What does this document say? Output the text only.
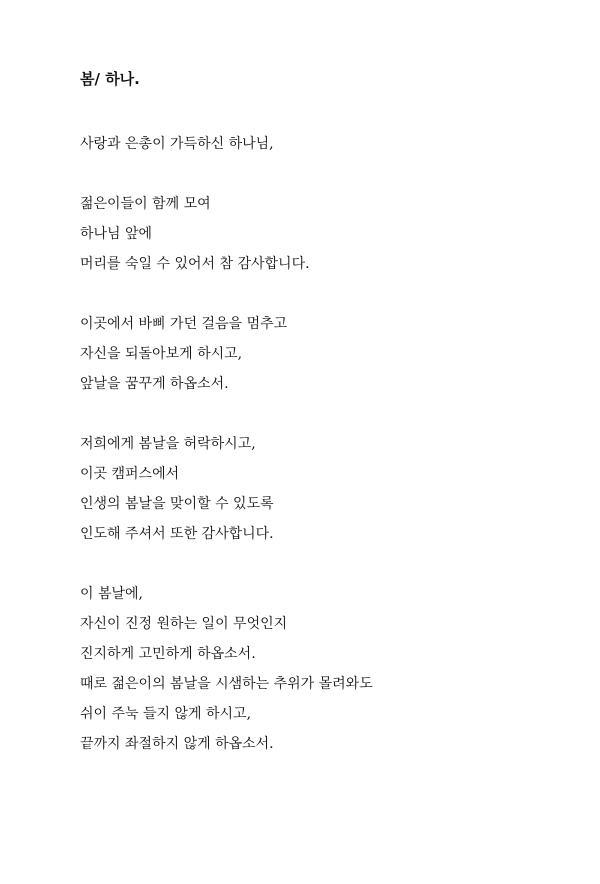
봄/ 하나.
사랑과 은총이 가득하신 하나님,
젊은이들이 함께 모여
하나님 앞에
머리를 숙일 수 있어서 참 감사합니다.
이곳에서 바삐 가던 걸음을 멈추고
자신을 되돌아보게 하시고,
앞날을 꿈꾸게 하옵소서.
저희에게 봄날을 허락하시고,
이곳 캠퍼스에서
인생의 봄날을 맞이할 수 있도록
인도해 주셔서 또한 감사합니다.
이 봄날에,
자신이 진정 원하는 일이 무엇인지
진지하게 고민하게 하옵소서.
때로 젊은이의 봄날을 시샘하는 추위가 몰려와도
쉬이 주눅 들지 않게 하시고,
끝까지 좌절하지 않게 하옵소서.
